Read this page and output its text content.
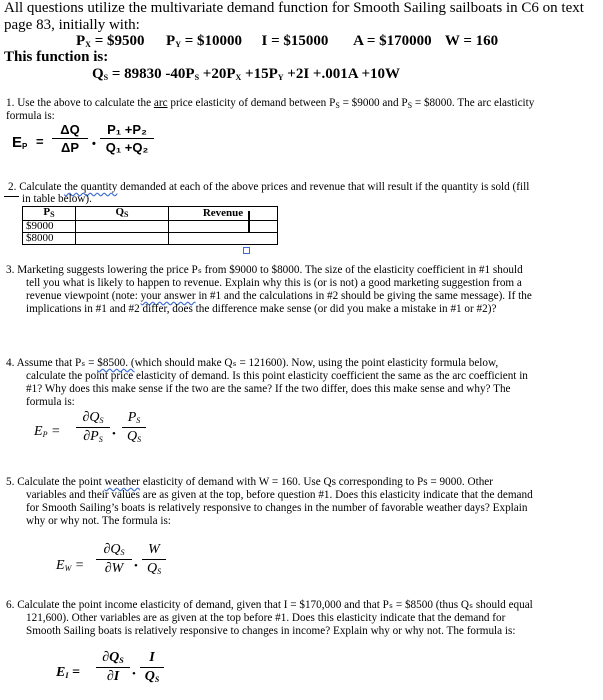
All questions utilize the multivariate demand function for Smooth Sailing sailboats in C6 on text
page 83, initially with:
$P_X$ = $9500 $P_Y$ = $10000 I = $15000 A = $170000 W = 160
This function is:
$Q_S = 89830$ $-40P_S +20P_X +15P_Y +2I +.001A +10W$
1. Use the above to calculate the arc price elasticity of demand between $P_S$ = $9000 and $P_S$ = $8000. The arc elasticity
formula is:
$E_P = \frac{\Delta Q}{\Delta P}$ • $\frac{\text{P₁ +P₂}}{\text{Q₁ +Q₂}}$
2. Calculate the quantity demanded at each of the above prices and revenue that will result if the quantity is sold (fill
in table below).
$P_S$	$Q_S$	Revenue
$9000		
$8000		
3. Marketing suggests lowering the price Pₛ from $9000 to $8000. The size of the elasticity coefficient in #1 should
tell you what is likely to happen to revenue. Explain why this is (or is not) a good marketing suggestion from a
revenue viewpoint (note: your answer in #1 and the calculations in #2 should be giving the same message). If the
implications in #1 and #2 differ, does the difference make sense (or did you make a mistake in #1 or #2)?
4. Assume that Pₛ = $8500. (which should make Qₛ = 121600). Now, using the point elasticity formula below,
calculate the point price elasticity of demand. Is this point elasticity coefficient the same as the arc coefficient in
#1? Why does this make sense if the two are the same? If the two differ, does this make sense and why? The
formula is:
$E_P = \frac{\partial Q_S}{\partial P_S}$ • $\frac{P_S}{Q_S}$
5. Calculate the point weather elasticity of demand with W = 160. Use Qs corresponding to Ps = 9000. Other
variables and their values are as given at the top, before question #1. Does this elasticity indicate that the demand
for Smooth Sailing’s boats is relatively responsive to changes in the number of favorable weather days? Explain
why or why not. The formula is:
$E_W = \frac{\partial Q_S}{\partial W}$ • $\frac{W}{Q_S}$
6. Calculate the point income elasticity of demand, given that I = $170,000 and that Pₛ = $8500 (thus Qₛ should equal
121,600). Other variables are as given at the top before #1. Does this elasticity indicate that the demand for
Smooth Sailing boats is relatively responsive to changes in income? Explain why or why not. The formula is:
$E_I = \frac{\partial Q_S}{\partial I}$ • $\frac{I}{Q_S}$
